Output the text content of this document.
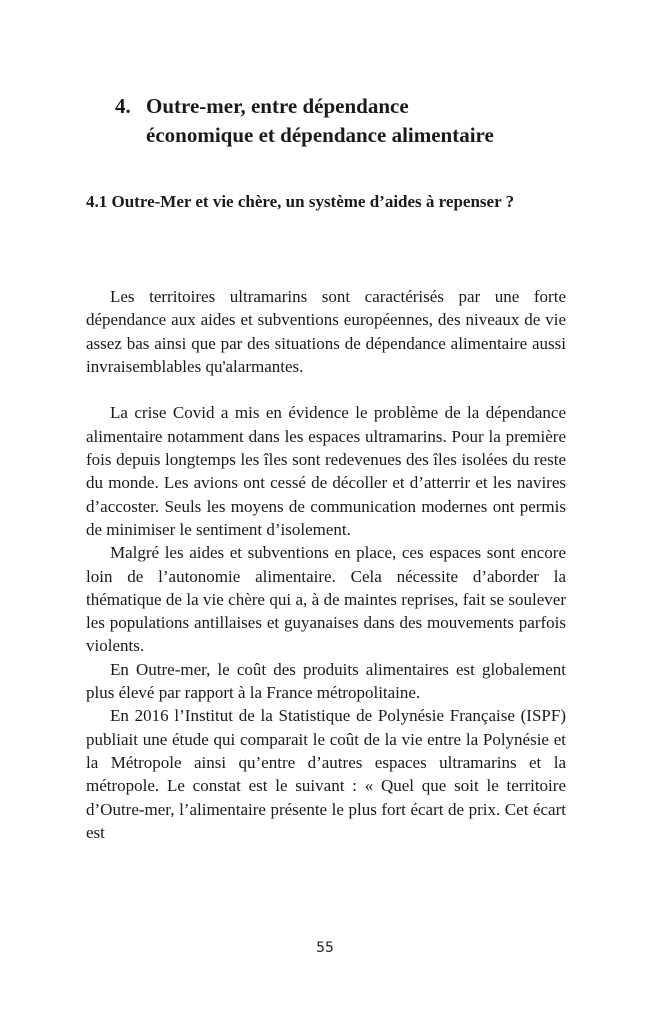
4. Outre-mer, entre dépendance
économique et dépendance alimentaire
4.1 Outre-Mer et vie chère, un système d’aides à repenser ?

Les territoires ultramarins sont caractérisés par une forte dépendance aux aides et subventions européennes, des niveaux de vie assez bas ainsi que par des situations de dépendance alimentaire aussi invraisemblables qu'alarmantes.

La crise Covid a mis en évidence le problème de la dépendance alimentaire notamment dans les espaces ultramarins. Pour la première fois depuis longtemps les îles sont redevenues des îles isolées du reste du monde. Les avions ont cessé de décoller et d’atterrir et les navires d’accoster. Seuls les moyens de communication modernes ont permis de minimiser le sentiment d’isolement.

Malgré les aides et subventions en place, ces espaces sont encore loin de l’autonomie alimentaire. Cela nécessite d’aborder la thématique de la vie chère qui a, à de maintes reprises, fait se soulever les populations antillaises et guyanaises dans des mouvements parfois violents.

En Outre-mer, le coût des produits alimentaires est globalement plus élevé par rapport à la France métropolitaine.

En 2016 l’Institut de la Statistique de Polynésie Française (ISPF) publiait une étude qui comparait le coût de la vie entre la Polynésie et la Métropole ainsi qu’entre d’autres espaces ultramarins et la métropole. Le constat est le suivant : « Quel que soit le territoire d’Outre-mer, l’alimentaire présente le plus fort écart de prix. Cet écart est

55
